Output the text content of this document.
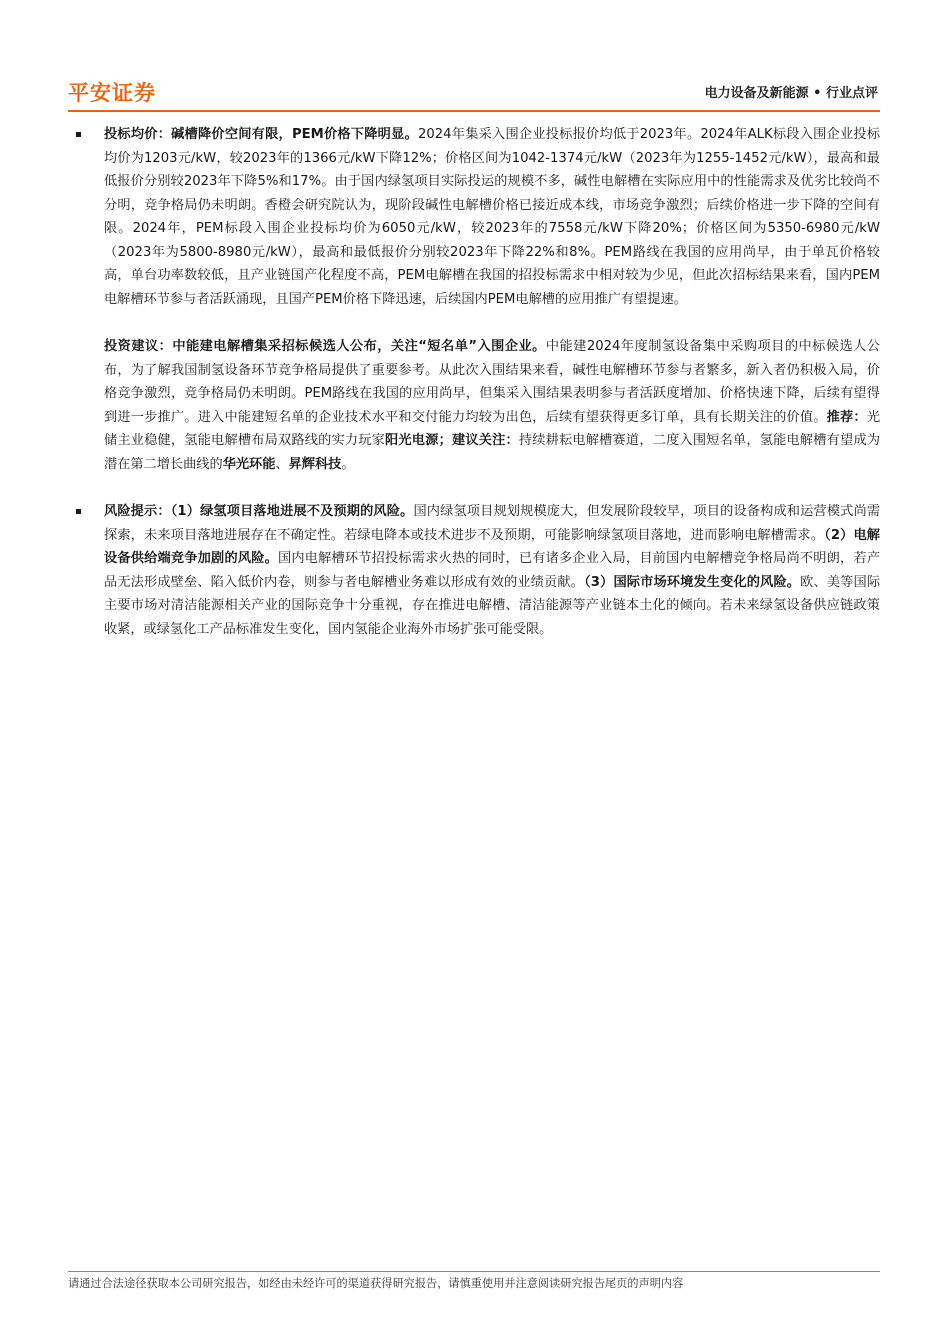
平安证券	电力设备及新能源 • 行业点评
投标均价：碱槽降价空间有限，PEM价格下降明显。2024年集采入围企业投标报价均低于2023年。2024年ALK标段入围企业投标均价为1203元/kW，较2023年的1366元/kW下降12%；价格区间为1042-1374元/kW（2023年为1255-1452元/kW），最高和最低报价分别较2023年下降5%和17%。由于国内绿氢项目实际投运的规模不多，碱性电解槽在实际应用中的性能需求及优劣比较尚不分明，竞争格局仍未明朗。香橙会研究院认为，现阶段碱性电解槽价格已接近成本线，市场竞争激烈；后续价格进一步下降的空间有限。2024年，PEM标段入围企业投标均价为6050元/kW，较2023年的7558元/kW下降20%；价格区间为5350-6980元/kW（2023年为5800-8980元/kW），最高和最低报价分别较2023年下降22%和8%。PEM路线在我国的应用尚早，由于单瓦价格较高，单台功率数较低，且产业链国产化程度不高，PEM电解槽在我国的招投标需求中相对较为少见，但此次招标结果来看，国内PEM电解槽环节参与者活跃涌现，且国产PEM价格下降迅速，后续国内PEM电解槽的应用推广有望提速。
投资建议：中能建电解槽集采招标候选人公布，关注“短名单”入围企业。中能建2024年度制氢设备集中采购项目的中标候选人公布，为了解我国制氢设备环节竞争格局提供了重要参考。从此次入围结果来看，碱性电解槽环节参与者繁多，新入者仍积极入局，价格竞争激烈，竞争格局仍未明朗。PEM路线在我国的应用尚早，但集采入围结果表明参与者活跃度增加、价格快速下降，后续有望得到进一步推广。进入中能建短名单的企业技术水平和交付能力均较为出色，后续有望获得更多订单，具有长期关注的价值。推荐：光储主业稳健，氢能电解槽布局双路线的实力玩家阳光电源；建议关注：持续耕耘电解槽赛道，二度入围短名单，氢能电解槽有望成为潜在第二增长曲线的华光环能、昇辉科技。
风险提示：（1）绿氢项目落地进展不及预期的风险。国内绿氢项目规划规模庞大，但发展阶段较早，项目的设备构成和运营模式尚需探索，未来项目落地进展存在不确定性。若绿电降本或技术进步不及预期，可能影响绿氢项目落地，进而影响电解槽需求。（2）电解设备供给端竞争加剧的风险。国内电解槽环节招投标需求火热的同时，已有诸多企业入局，目前国内电解槽竞争格局尚不明朗，若产品无法形成壁垒、陷入低价内卷，则参与者电解槽业务难以形成有效的业绩贡献。（3）国际市场环境发生变化的风险。欧、美等国际主要市场对清洁能源相关产业的国际竞争十分重视，存在推进电解槽、清洁能源等产业链本土化的倾向。若未来绿氢设备供应链政策收紧，或绿氢化工产品标准发生变化，国内氢能企业海外市场扩张可能受限。
请通过合法途径获取本公司研究报告，如经由未经许可的渠道获得研究报告，请慎重使用并注意阅读研究报告尾页的声明内容
